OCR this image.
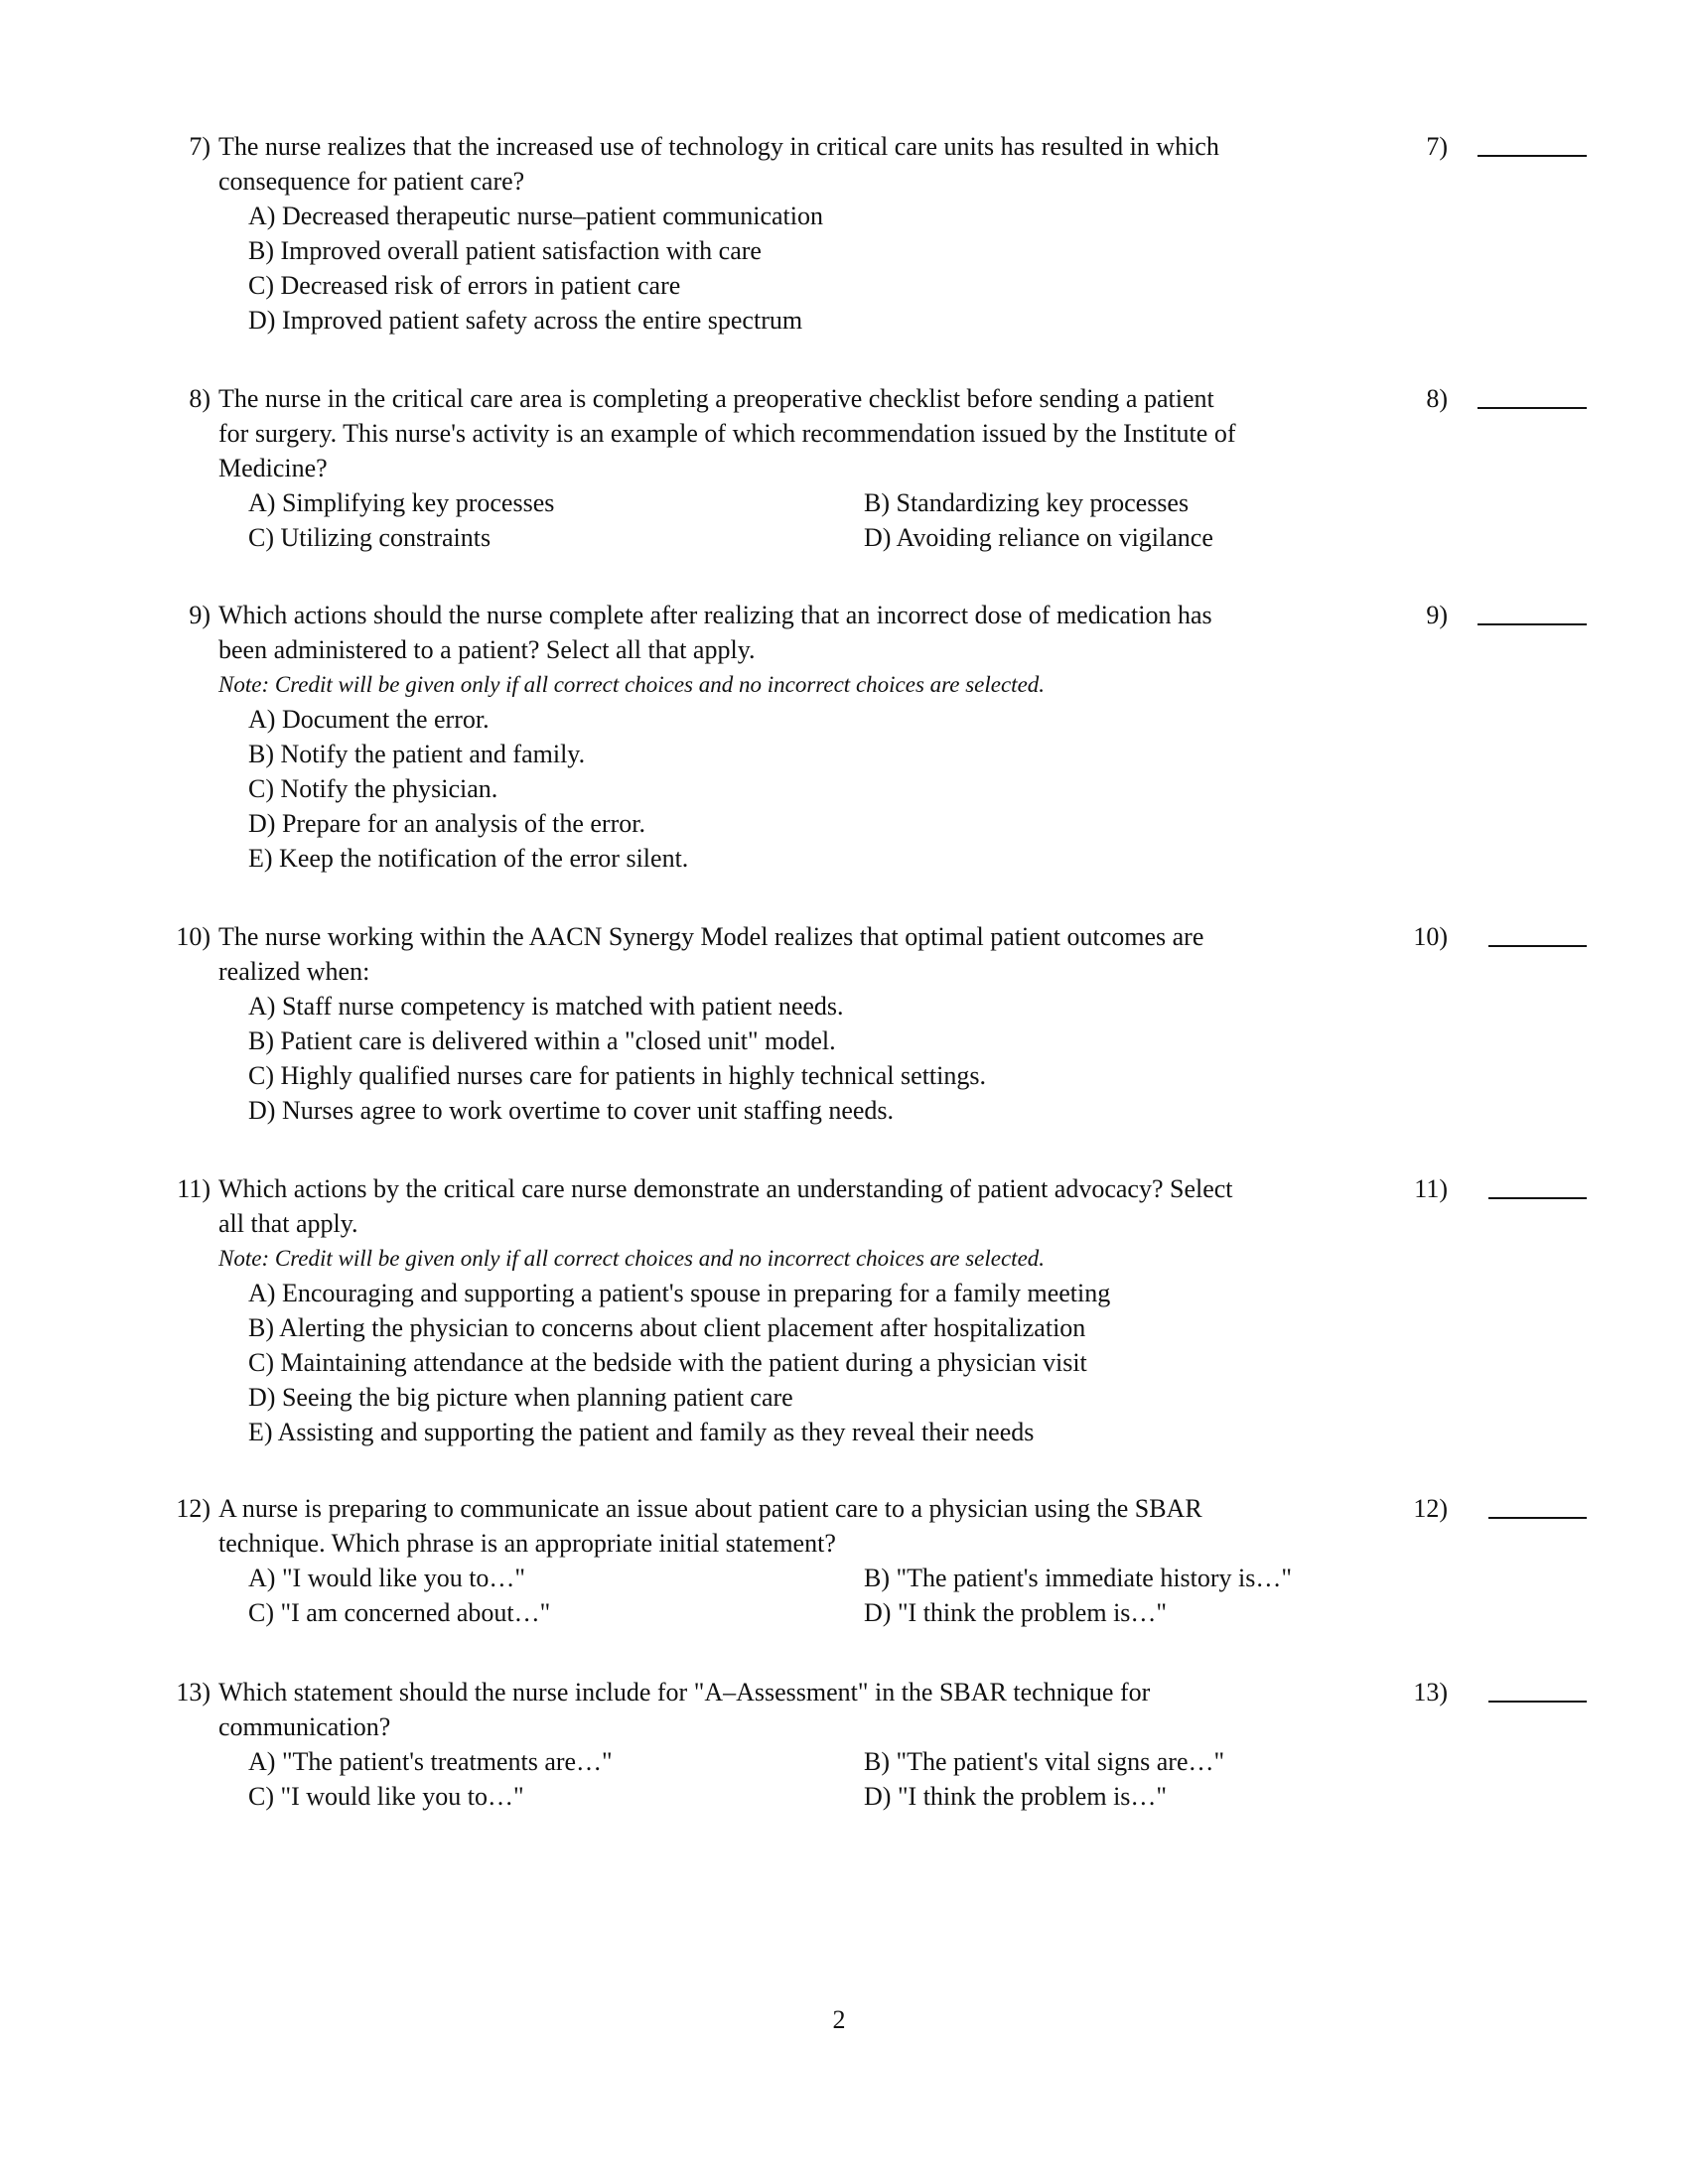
7) The nurse realizes that the increased use of technology in critical care units has resulted in which
consequence for patient care?
A) Decreased therapeutic nurse–patient communication
B) Improved overall patient satisfaction with care
C) Decreased risk of errors in patient care
D) Improved patient safety across the entire spectrum
7)
8) The nurse in the critical care area is completing a preoperative checklist before sending a patient
for surgery. This nurse's activity is an example of which recommendation issued by the Institute of
Medicine?
A) Simplifying key processes	B) Standardizing key processes
C) Utilizing constraints	D) Avoiding reliance on vigilance
8)
9) Which actions should the nurse complete after realizing that an incorrect dose of medication has
been administered to a patient? Select all that apply.
Note: Credit will be given only if all correct choices and no incorrect choices are selected.
A) Document the error.
B) Notify the patient and family.
C) Notify the physician.
D) Prepare for an analysis of the error.
E) Keep the notification of the error silent.
9)
10) The nurse working within the AACN Synergy Model realizes that optimal patient outcomes are
realized when:
A) Staff nurse competency is matched with patient needs.
B) Patient care is delivered within a "closed unit" model.
C) Highly qualified nurses care for patients in highly technical settings.
D) Nurses agree to work overtime to cover unit staffing needs.
10)
11) Which actions by the critical care nurse demonstrate an understanding of patient advocacy? Select
all that apply.
Note: Credit will be given only if all correct choices and no incorrect choices are selected.
A) Encouraging and supporting a patient's spouse in preparing for a family meeting
B) Alerting the physician to concerns about client placement after hospitalization
C) Maintaining attendance at the bedside with the patient during a physician visit
D) Seeing the big picture when planning patient care
E) Assisting and supporting the patient and family as they reveal their needs
11)
12) A nurse is preparing to communicate an issue about patient care to a physician using the SBAR
technique. Which phrase is an appropriate initial statement?
A) "I would like you to…"	B) "The patient's immediate history is…"
C) "I am concerned about…"	D) "I think the problem is…"
12)
13) Which statement should the nurse include for "A–Assessment" in the SBAR technique for
communication?
A) "The patient's treatments are…"	B) "The patient's vital signs are…"
C) "I would like you to…"	D) "I think the problem is…"
13)
2
